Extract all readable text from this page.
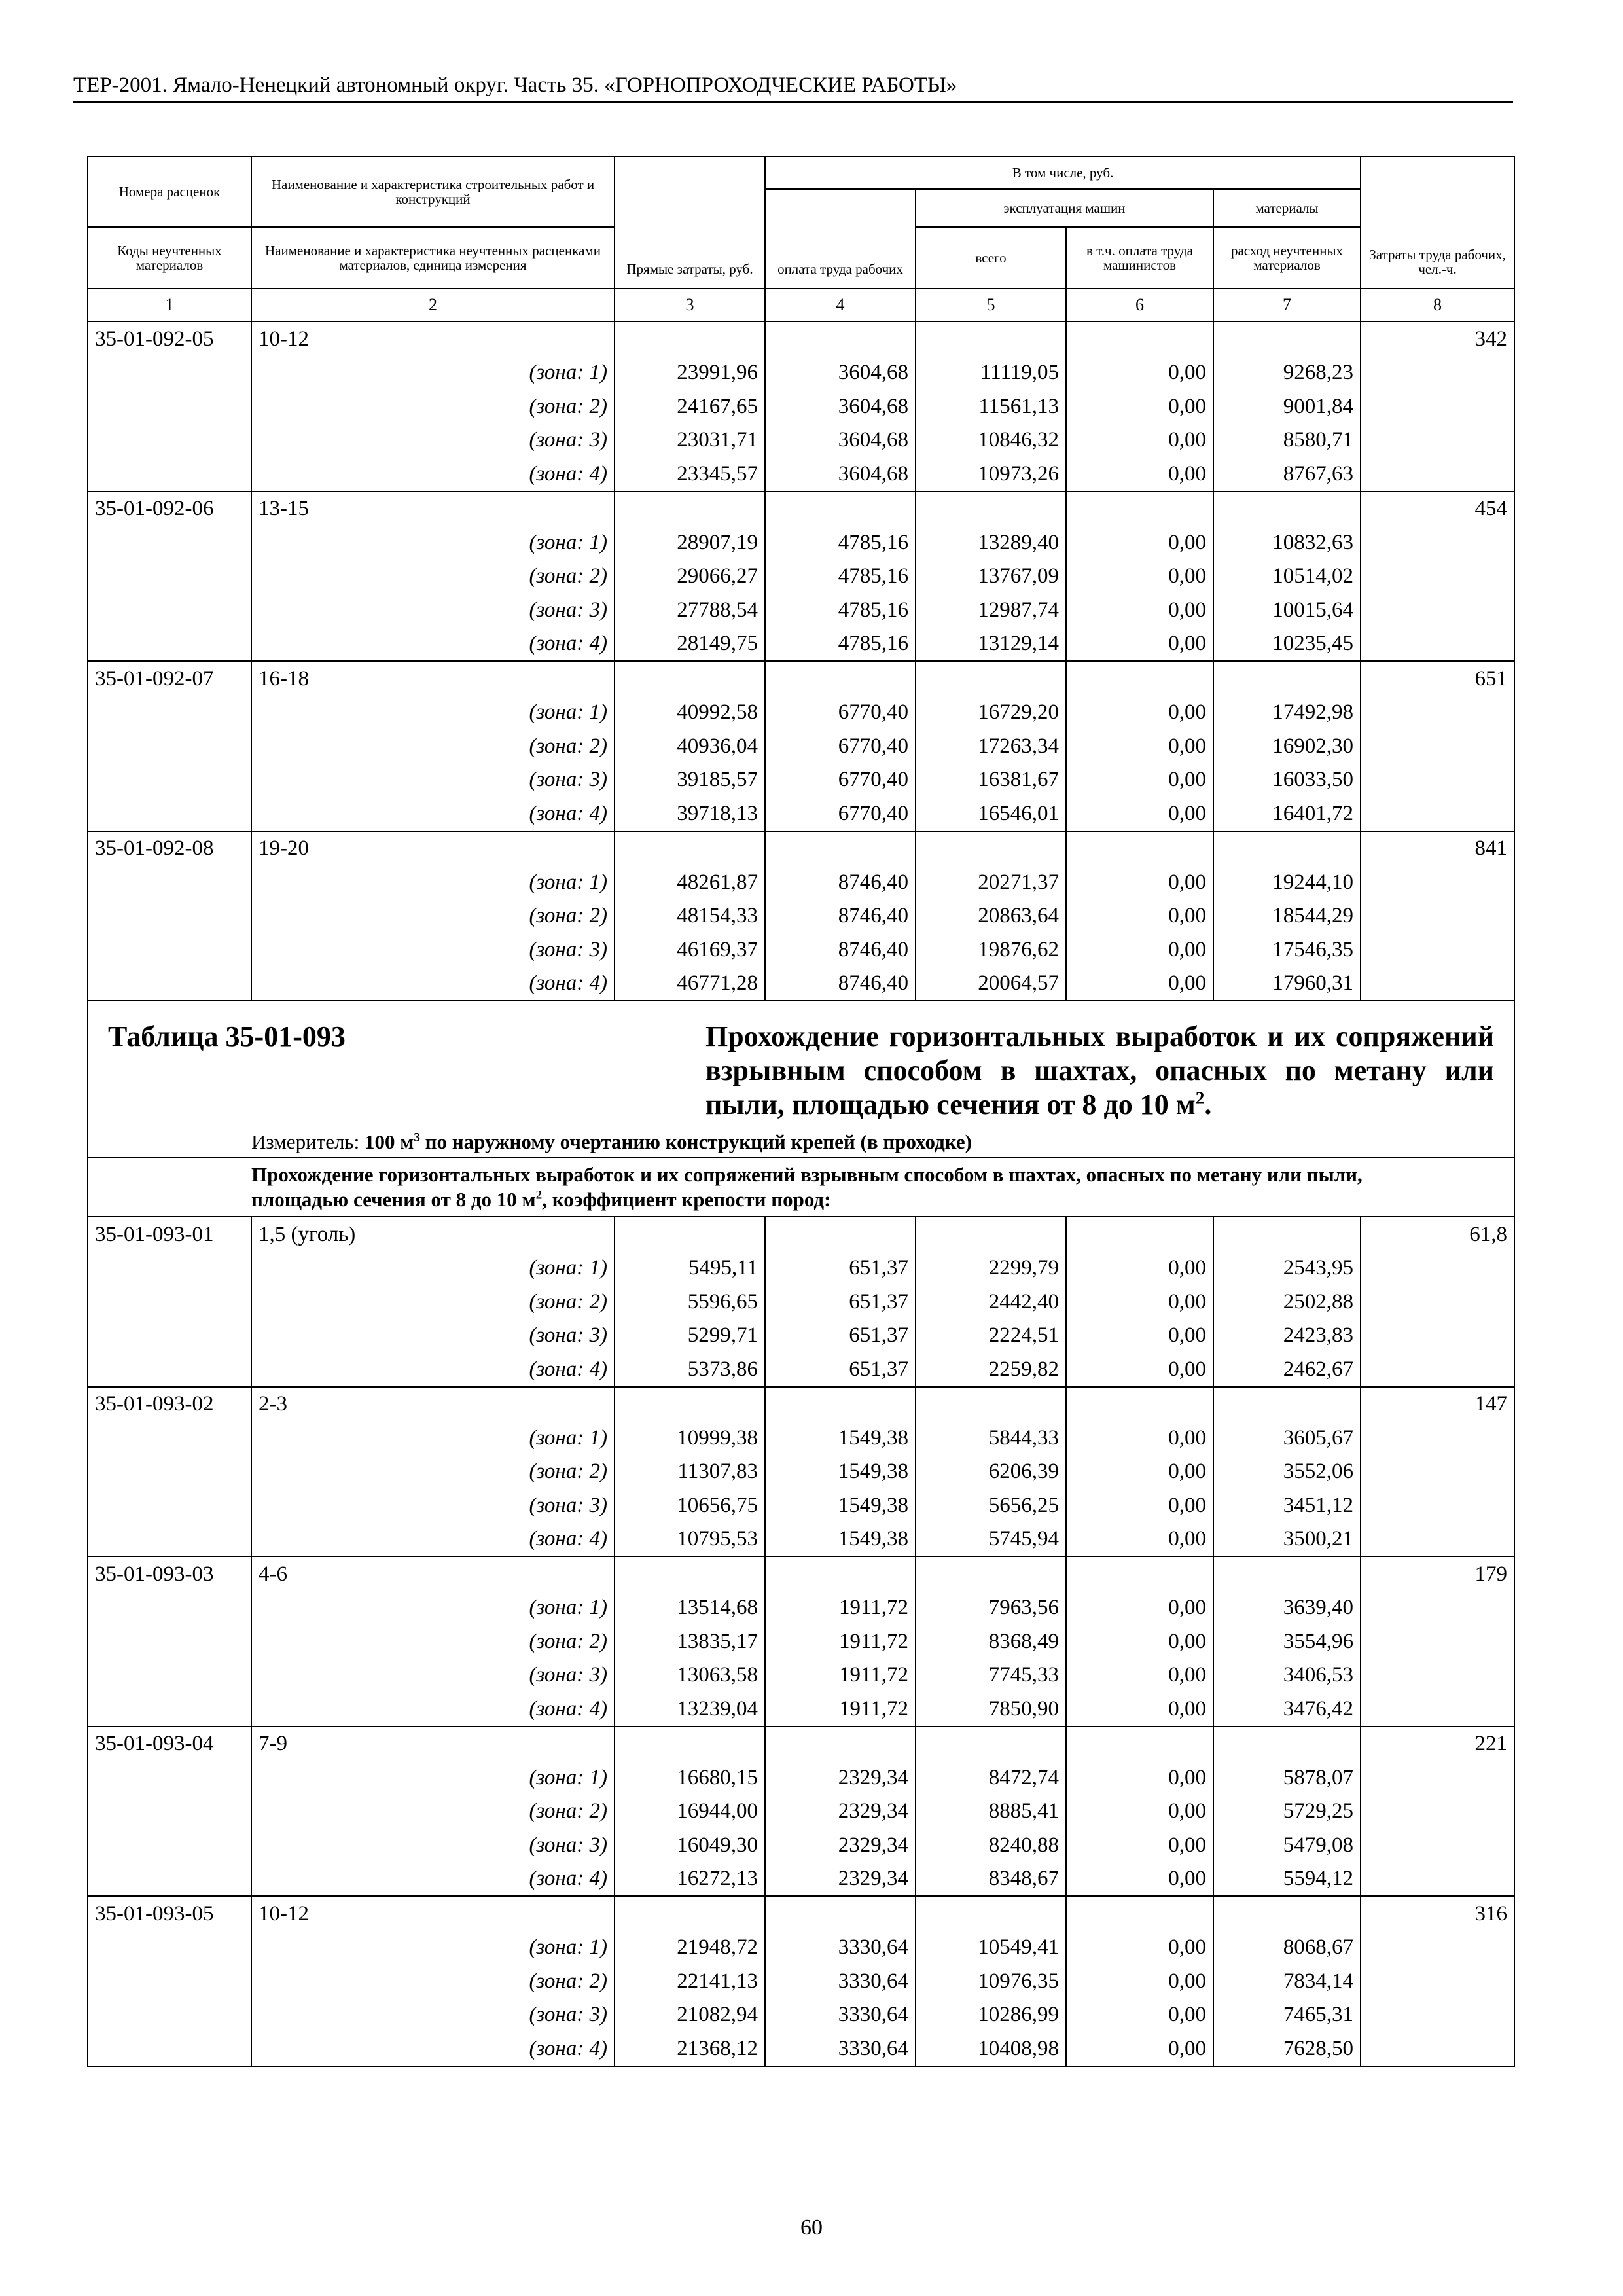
ТЕР-2001. Ямало-Ненецкий автономный округ. Часть 35. «ГОРНОПРОХОДЧЕСКИЕ РАБОТЫ»
Номера расценок	Наименование и характеристика строительных работ и конструкций	Прямые затраты, руб.	В том числе, руб.				Затраты труда рабочих, чел.-ч.
			оплата труда рабочих	эксплуатация машин		материалы	
Коды неучтенных материалов	Наименование и характеристика неучтенных расценками материалов, единица измерения			всего	в т.ч. оплата труда машинистов	расход неучтенных материалов	
1	2	3	4	5	6	7	8
35-01-092-05	10-12						342
	(зона: 1)	23991,96	3604,68	11119,05	0,00	9268,23	
	(зона: 2)	24167,65	3604,68	11561,13	0,00	9001,84	
	(зона: 3)	23031,71	3604,68	10846,32	0,00	8580,71	
	(зона: 4)	23345,57	3604,68	10973,26	0,00	8767,63	
35-01-092-06	13-15						454
	(зона: 1)	28907,19	4785,16	13289,40	0,00	10832,63	
	(зона: 2)	29066,27	4785,16	13767,09	0,00	10514,02	
	(зона: 3)	27788,54	4785,16	12987,74	0,00	10015,64	
	(зона: 4)	28149,75	4785,16	13129,14	0,00	10235,45	
35-01-092-07	16-18						651
	(зона: 1)	40992,58	6770,40	16729,20	0,00	17492,98	
	(зона: 2)	40936,04	6770,40	17263,34	0,00	16902,30	
	(зона: 3)	39185,57	6770,40	16381,67	0,00	16033,50	
	(зона: 4)	39718,13	6770,40	16546,01	0,00	16401,72	
35-01-092-08	19-20						841
	(зона: 1)	48261,87	8746,40	20271,37	0,00	19244,10	
	(зона: 2)	48154,33	8746,40	20863,64	0,00	18544,29	
	(зона: 3)	46169,37	8746,40	19876,62	0,00	17546,35	
	(зона: 4)	46771,28	8746,40	20064,57	0,00	17960,31	

Таблица 35-01-093 Прохождение горизонтальных выработок и их сопряжений взрывным способом в шахтах, опасных по метану или пыли, площадью сечения от 8 до 10 $м^2$.							

	Измеритель: 100 $м^3$ по наружному очертанию конструкций крепей (в проходке)						
	Прохождение горизонтальных выработок и их сопряжений взрывным способом в шахтах, опасных по метану или пыли, площадью сечения от 8 до 10 $м^2$, коэффициент крепости пород:						
35-01-093-01	1,5 (уголь)						61,8
	(зона: 1)	5495,11	651,37	2299,79	0,00	2543,95	
	(зона: 2)	5596,65	651,37	2442,40	0,00	2502,88	
	(зона: 3)	5299,71	651,37	2224,51	0,00	2423,83	
	(зона: 4)	5373,86	651,37	2259,82	0,00	2462,67	
35-01-093-02	2-3						147
	(зона: 1)	10999,38	1549,38	5844,33	0,00	3605,67	
	(зона: 2)	11307,83	1549,38	6206,39	0,00	3552,06	
	(зона: 3)	10656,75	1549,38	5656,25	0,00	3451,12	
	(зона: 4)	10795,53	1549,38	5745,94	0,00	3500,21	
35-01-093-03	4-6						179
	(зона: 1)	13514,68	1911,72	7963,56	0,00	3639,40	
	(зона: 2)	13835,17	1911,72	8368,49	0,00	3554,96	
	(зона: 3)	13063,58	1911,72	7745,33	0,00	3406,53	
	(зона: 4)	13239,04	1911,72	7850,90	0,00	3476,42	
35-01-093-04	7-9						221
	(зона: 1)	16680,15	2329,34	8472,74	0,00	5878,07	
	(зона: 2)	16944,00	2329,34	8885,41	0,00	5729,25	
	(зона: 3)	16049,30	2329,34	8240,88	0,00	5479,08	
	(зона: 4)	16272,13	2329,34	8348,67	0,00	5594,12	
35-01-093-05	10-12						316
	(зона: 1)	21948,72	3330,64	10549,41	0,00	8068,67	
	(зона: 2)	22141,13	3330,64	10976,35	0,00	7834,14	
	(зона: 3)	21082,94	3330,64	10286,99	0,00	7465,31	
	(зона: 4)	21368,12	3330,64	10408,98	0,00	7628,50	
60
